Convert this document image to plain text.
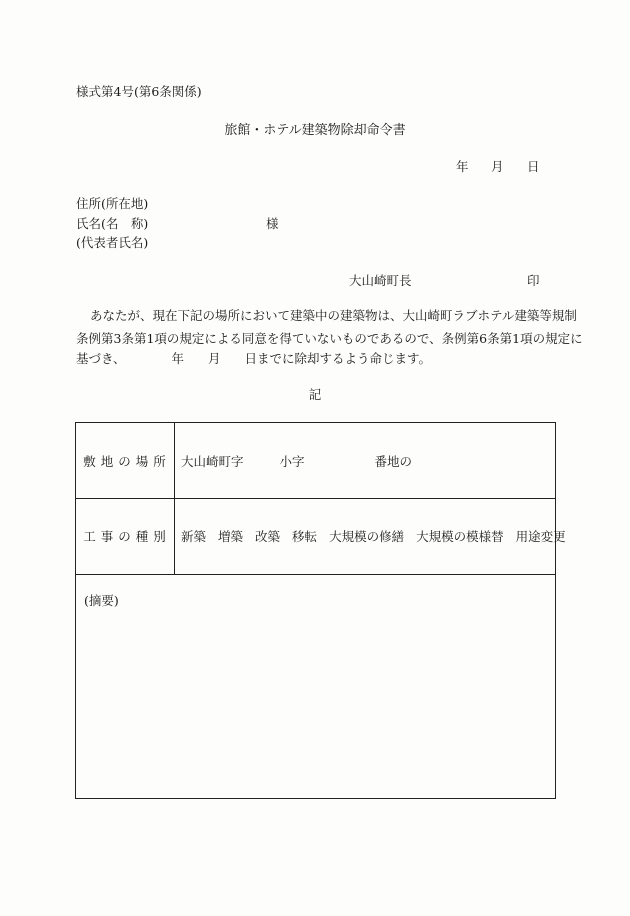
様式第4号(第6条関係)
旅館・ホテル建築物除却命令書
年 月 日
住所(所在地)
氏名(名　称)	様
(代表者氏名)
大山崎町長	印
あなたが、現在下記の場所において建築中の建築物は、大山崎町ラブホテル建築等規制
条例第3条第1項の規定による同意を得ていないものであるので、条例第6条第1項の規定に
基づき、	年 月 日までに除却するよう命じます。
記
敷地の場所 大山崎町字	小字	番地の
工事の種別 新築 増築 改築 移転 大規模の修繕 大規模の模様替 用途変更
(摘要)
